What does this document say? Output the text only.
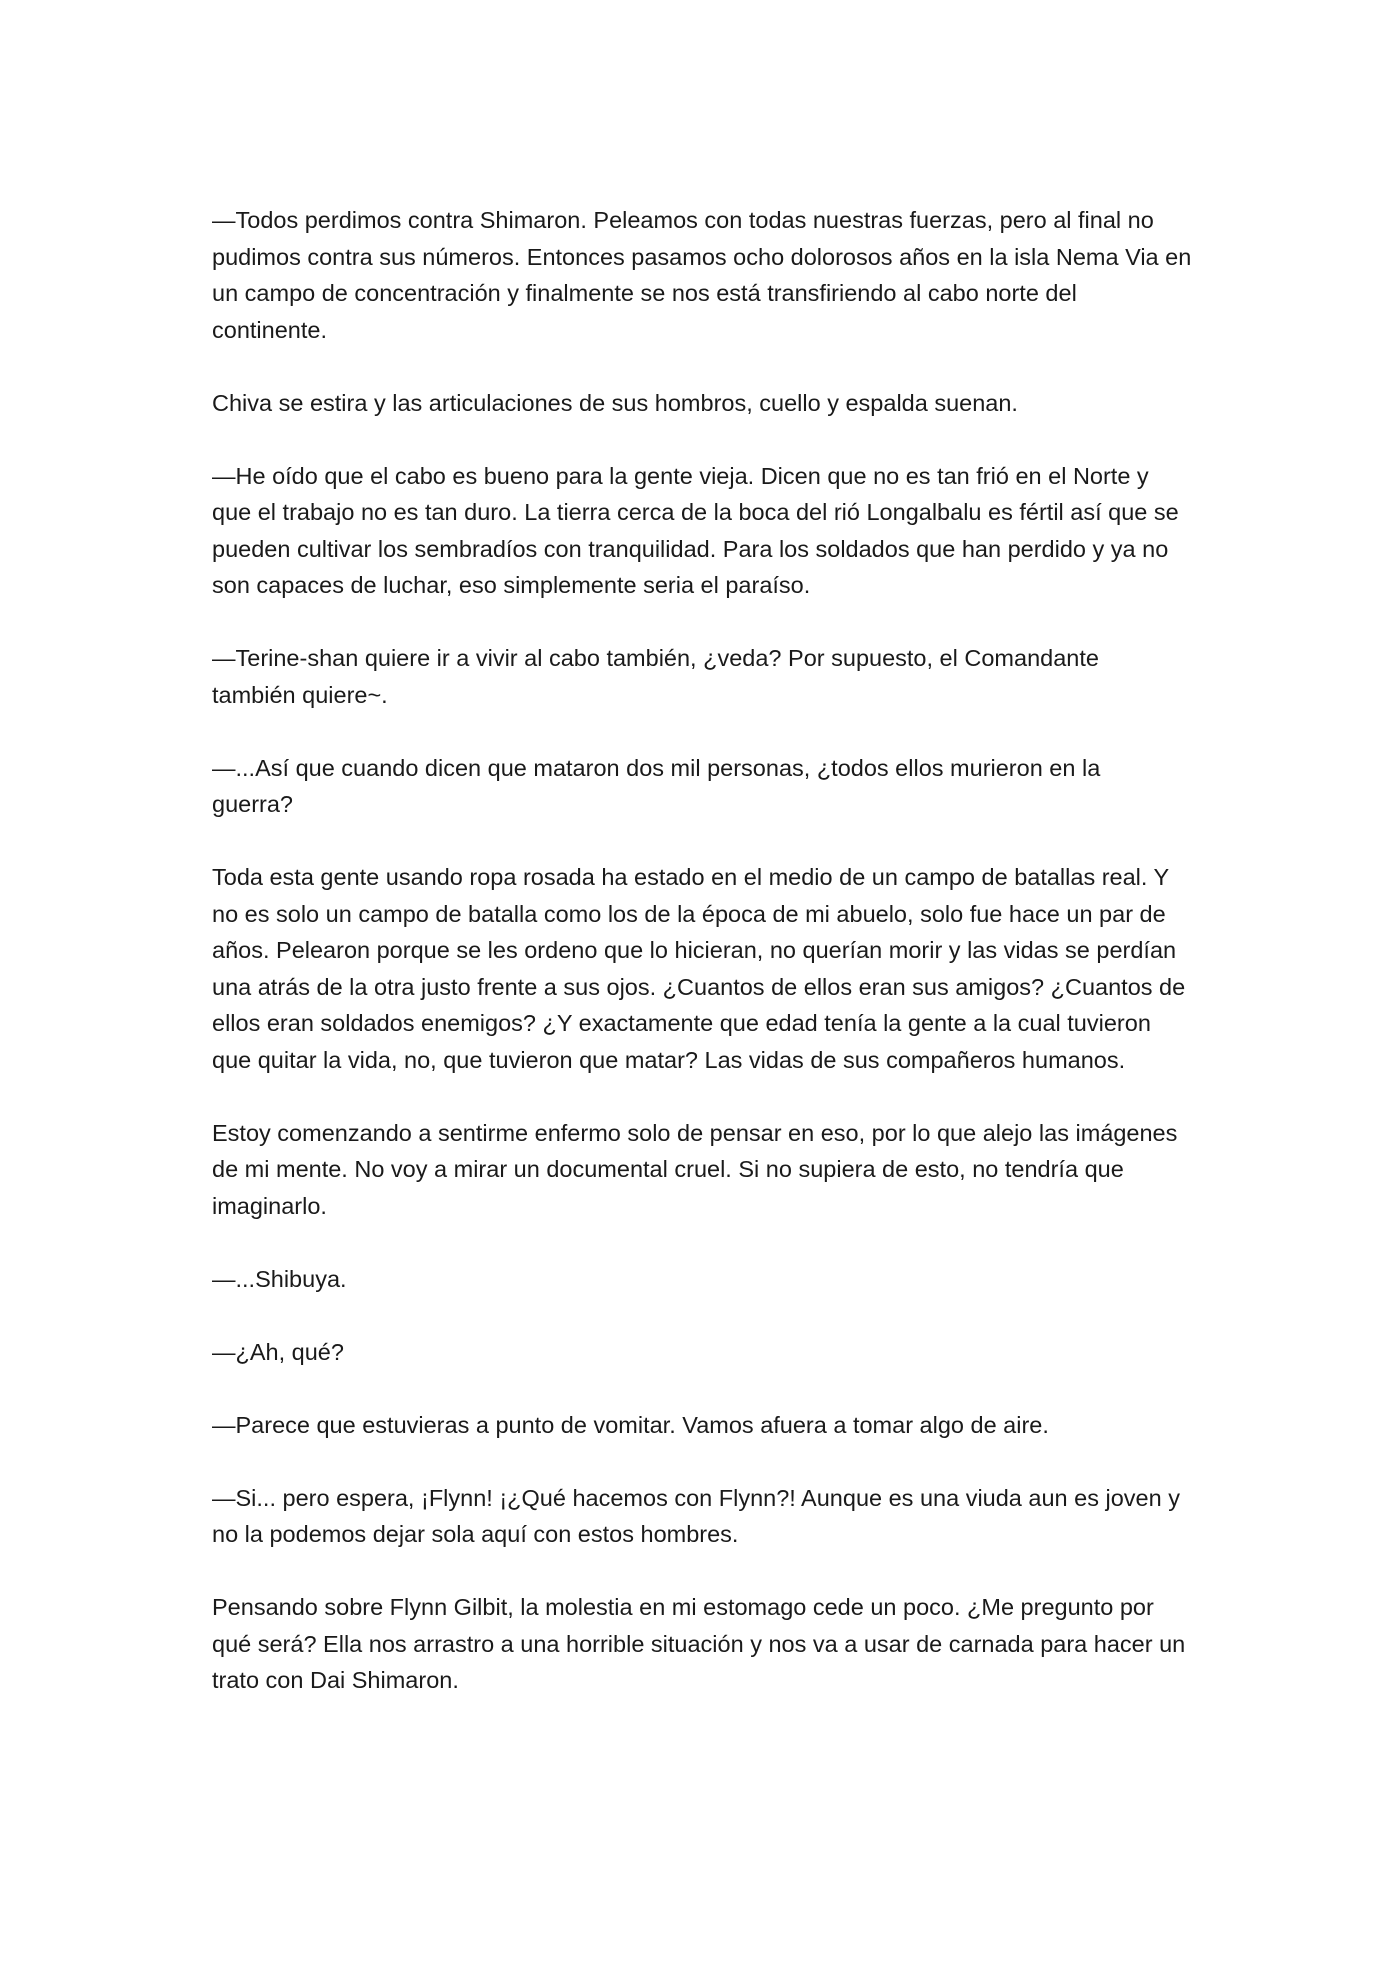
—Todos perdimos contra Shimaron. Peleamos con todas nuestras fuerzas, pero al final no
pudimos contra sus números. Entonces pasamos ocho dolorosos años en la isla Nema Via en
un campo de concentración y finalmente se nos está transfiriendo al cabo norte del
continente.

Chiva se estira y las articulaciones de sus hombros, cuello y espalda suenan.

—He oído que el cabo es bueno para la gente vieja. Dicen que no es tan frió en el Norte y
que el trabajo no es tan duro. La tierra cerca de la boca del rió Longalbalu es fértil así que se
pueden cultivar los sembradíos con tranquilidad. Para los soldados que han perdido y ya no
son capaces de luchar, eso simplemente seria el paraíso.

—Terine-shan quiere ir a vivir al cabo también, ¿veda? Por supuesto, el Comandante
también quiere~.

—...Así que cuando dicen que mataron dos mil personas, ¿todos ellos murieron en la
guerra?

Toda esta gente usando ropa rosada ha estado en el medio de un campo de batallas real. Y
no es solo un campo de batalla como los de la época de mi abuelo, solo fue hace un par de
años. Pelearon porque se les ordeno que lo hicieran, no querían morir y las vidas se perdían
una atrás de la otra justo frente a sus ojos. ¿Cuantos de ellos eran sus amigos? ¿Cuantos de
ellos eran soldados enemigos? ¿Y exactamente que edad tenía la gente a la cual tuvieron
que quitar la vida, no, que tuvieron que matar? Las vidas de sus compañeros humanos.

Estoy comenzando a sentirme enfermo solo de pensar en eso, por lo que alejo las imágenes
de mi mente. No voy a mirar un documental cruel. Si no supiera de esto, no tendría que
imaginarlo.

—...Shibuya.

—¿Ah, qué?

—Parece que estuvieras a punto de vomitar. Vamos afuera a tomar algo de aire.

—Si... pero espera, ¡Flynn! ¡¿Qué hacemos con Flynn?! Aunque es una viuda aun es joven y
no la podemos dejar sola aquí con estos hombres.

Pensando sobre Flynn Gilbit, la molestia en mi estomago cede un poco. ¿Me pregunto por
qué será? Ella nos arrastro a una horrible situación y nos va a usar de carnada para hacer un
trato con Dai Shimaron.
